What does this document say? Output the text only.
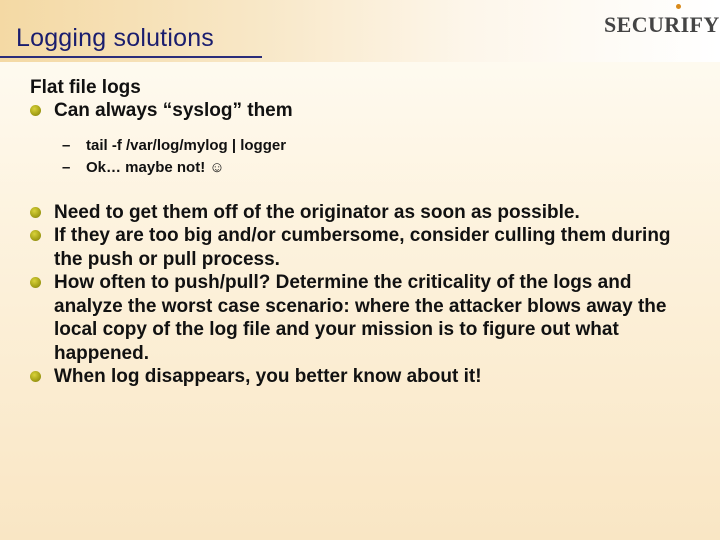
Logging solutions	SECURIFY
Flat file logs
Can always “syslog” them
– tail -f /var/log/mylog | logger
– Ok… maybe not! ☺
Need to get them off of the originator as soon as possible.
If they are too big and/or cumbersome, consider culling them during the push or pull process.
How often to push/pull? Determine the criticality of the logs and analyze the worst case scenario: where the attacker blows away the local copy of the log file and your mission is to figure out what happened.
When log disappears, you better know about it!
